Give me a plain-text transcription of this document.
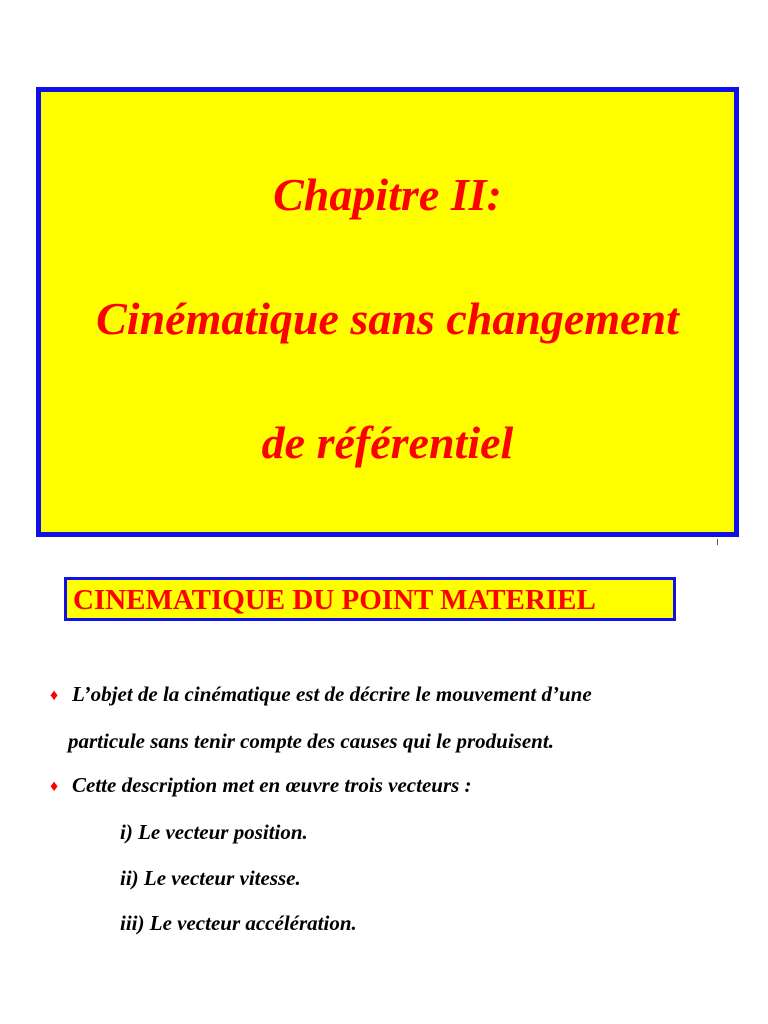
Chapitre II:
Cinématique sans changement
de référentiel
CINEMATIQUE DU POINT MATERIEL
♦ L’objet de la cinématique est de décrire le mouvement d’une
particule sans tenir compte des causes qui le produisent.
♦ Cette description met en œuvre trois vecteurs :
i) Le vecteur position.
ii) Le vecteur vitesse.
iii) Le vecteur accélération.
